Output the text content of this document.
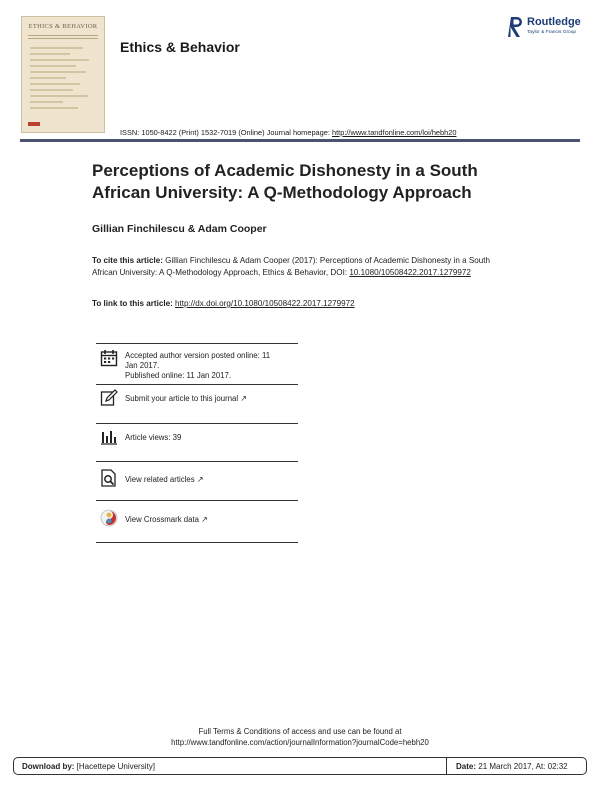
ETHICS & BEHAVIOR
Ethics & Behavior
Routledge
Taylor & Francis Group
ISSN: 1050-8422 (Print) 1532-7019 (Online) Journal homepage: http://www.tandfonline.com/loi/hebh20
Perceptions of Academic Dishonesty in a South African University: A Q-Methodology Approach
Gillian Finchilescu & Adam Cooper
To cite this article: Gillian Finchilescu & Adam Cooper (2017): Perceptions of Academic Dishonesty in a South African University: A Q-Methodology Approach, Ethics & Behavior, DOI: 10.1080/10508422.2017.1279972
To link to this article: http://dx.doi.org/10.1080/10508422.2017.1279972
Accepted author version posted online: 11
Jan 2017.
Published online: 11 Jan 2017.
Submit your article to this journal ↗
Article views: 39
View related articles ↗
View Crossmark data ↗
Full Terms & Conditions of access and use can be found at
http://www.tandfonline.com/action/journalInformation?journalCode=hebh20
Download by: [Hacettepe University]	Date: 21 March 2017, At: 02:32
